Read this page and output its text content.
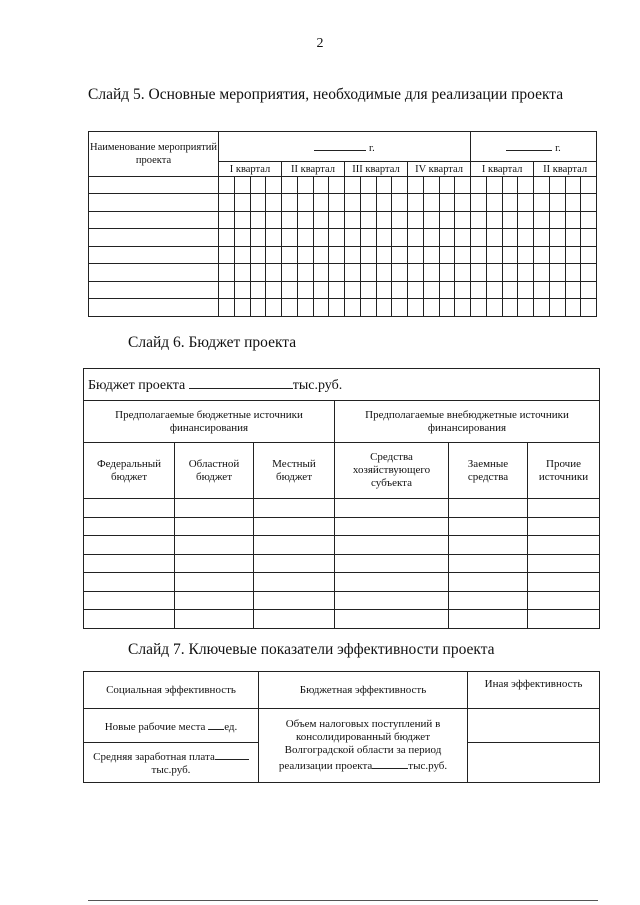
2
Слайд 5. Основные мероприятия, необходимые для реализации проекта
Наименование мероприятий проекта	г.																г.							
	I квартал				II квартал				III квартал				IV квартал				I квартал				II квартал			

Слайд 6. Бюджет проекта
Бюджет проекта тыс.руб.					
Предполагаемые бюджетные источники финансирования			Предполагаемые внебюджетные источники финансирования		
Федеральный бюджет	Областной бюджет	Местный бюджет	Средства хозяйствующего субъекта	Заемные средства	Прочие источники

Слайд 7. Ключевые показатели эффективности проекта
Социальная эффективность	Бюджетная эффективность	Иная эффективность
Новые рабочие места ед.	Объем налоговых поступлений в консолидированный бюджет Волгоградской области за период реализации проекта тыс.руб.	
Средняя заработная плататыс.руб.		
